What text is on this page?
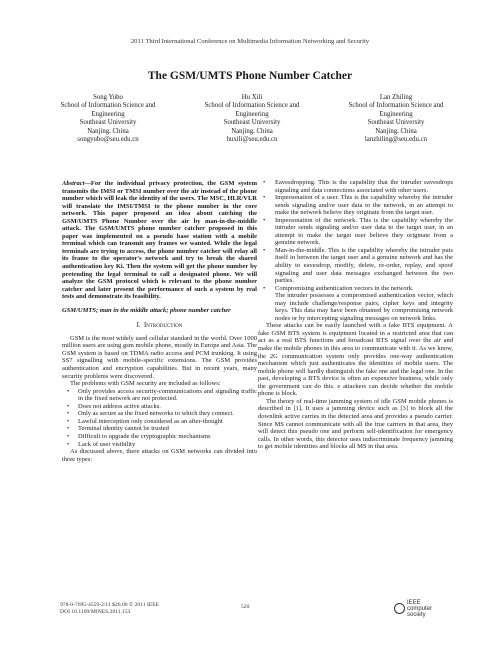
2011 Third International Conference on Multimedia Information Networking and Security
The GSM/UMTS Phone Number Catcher
Song Yubo
School of Information Science and
Engineering
Southeast University
Nanjing, China
songyubo@seu.edu.cn
Hu Xili
School of Information Science and
Engineering
Southeast University
Nanjing, China
huxili@seu.edu.cn
Lan Zhiling
School of Information Science and
Engineering
Southeast University
Nanjing, China
lanzhiling@seu.edu.cn
Abstract—For the individual privacy protection, the GSM system transmits the IMSI or TMSI number over the air instead of the phone number which will leak the identity of the users. The MSC, HLR/VLR will translate the IMSI/TMSI to the phone number in the core network. This paper proposed an idea about catching the GSM/UMTS Phone Number over the air by man-in-the-middle attack. The GSM/UMTS phone number catcher proposed in this paper was implemented on a pseudo base station with a mobile terminal which can transmit any frames we wanted. While the legal terminals are trying to access, the phone number catcher will relay all its frame to the operator's network and try to break the shared authentication key Ki. Then the system will get the phone number by pretending the legal terminal to call a designated phone. We will analyze the GSM protocol which is relevant to the phone number catcher and later present the performance of such a system by real tests and demonstrate its feasibility.
GSM/UMTS; man in the middle attack; phone number catcher
I. Introduction

GSM is the most widely used cellular standard in the world. Over 1000 million users are using gsm mobile phone, mostly in Europe and Asia. The GSM system is based on TDMA radio access and PCM trunking. It using SS7 signalling with mobile-specific extensions. The GSM provides authentication and encryption capabilities. But in recent years, many security problems were discovered.

The problems with GSM security are included as follows:

• Only provides access security-communications and signaling traffic in the fixed network are not protected.
• Does not address active attacks.
• Only as secure as the fixed networks to which they connect.
• Lawful interception only considered as an after-thought
• Terminal identity cannot be trusted
• Difficult to upgrade the cryptographic mechanisms
• Lack of user visibility

As discussed above, there attacks on GSM networks can divided into three types:

• Eavesdropping. This is the capability that the intruder eavesdrops signaling and data connections associated with other users.
• Impersonation of a user. This is the capability whereby the intruder sends signaling and/or user data to the network, in an attempt to make the network believe they originate from the target user.
• Impersonation of the network. This is the capability whereby the intruder sends signaling and/or user data to the target user, in an attempt to make the target user believe they originate from a genuine network.
• Man-in-the-middle. This is the capability whereby the intruder puts itself in between the target user and a genuine network and has the ability to eavesdrop, modify, delete, re-order, replay, and spoof signaling and user data messages exchanged between the two parties.
• Compromising authentication vectors in the network.
The intruder possesses a compromised authentication vector, which may include challenge/response pairs, cipher keys and integrity keys. This data may have been obtained by compromising network nodes or by intercepting signaling messages on network links.

These attacks can be easily launched with a fake BTS equipment. A fake GSM BTS system is equipment located in a restricted area that can act as a real BTS functions and broadcast BTS signal over the air and make the mobile phones in this area to communicate with it. As we know, the 2G communication system only provides one-way authentication mechanism which just authenticates the identities of mobile users. The mobile phone will hardly distinguish the fake one and the legal one. In the past, developing a BTS device is often an expensive business, while only the government can do this. e attackers can decide whether the mobile phone is block.

The theory of real-time jamming system of idle GSM mobile phones is described in [1]. It uses a jamming device such as [3] to block all the downlink active carries in the detected area and provides a pseudo carrier. Since MS cannot communicate with all the true carriers in that area, they will detect this pseudo one and perform self-identification for emergency calls. In other words, this detector uses indiscriminate frequency jamming to get mobile identities and blocks all MS in that area.

978-0-7695-4559-2/11 $26.00 © 2011 IEEE
DOI 10.1109/MINES.2011.153
520
IEEE
computer
society
